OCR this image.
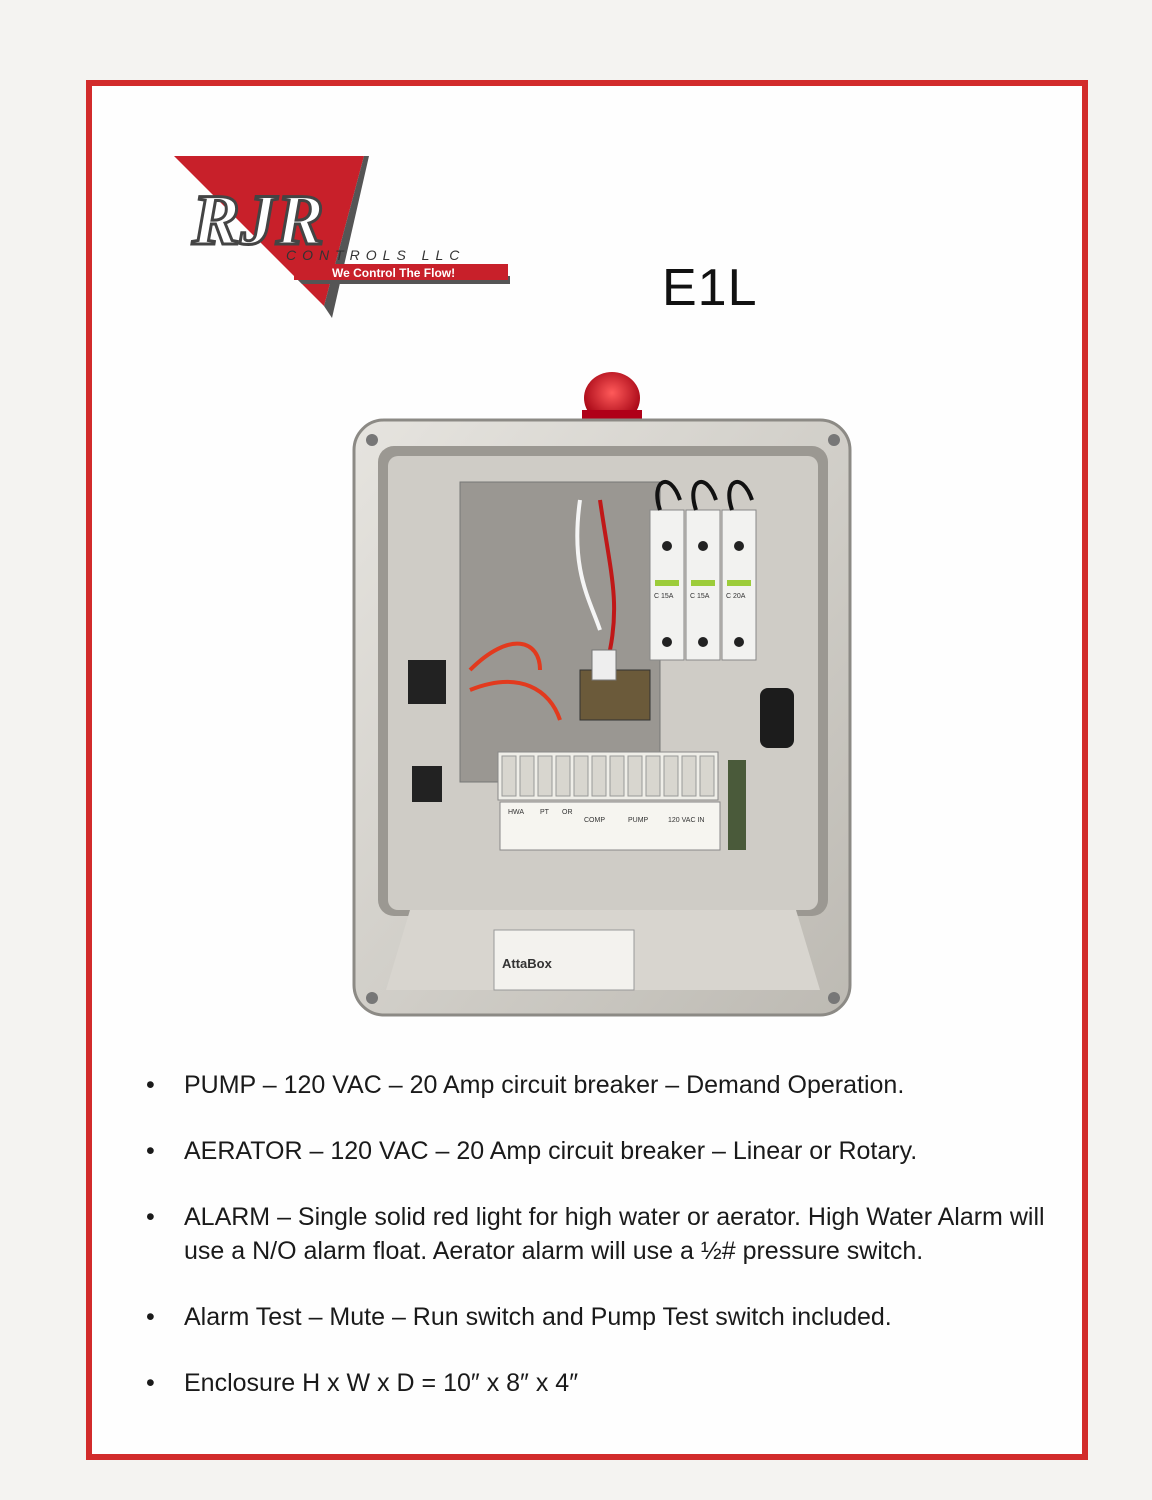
RJR
CONTROLS LLC
We Control The Flow!	E1L
C 15A C 15A C 20A
HWA PT OR
COMP	PUMP	120 VAC IN
AttaBox
• PUMP – 120 VAC – 20 Amp circuit breaker – Demand Operation.
• AERATOR – 120 VAC – 20 Amp circuit breaker – Linear or Rotary.
• ALARM – Single solid red light for high water or aerator. High Water Alarm will use a N/O alarm float. Aerator alarm will use a ½# pressure switch.
• Alarm Test – Mute – Run switch and Pump Test switch included.
• Enclosure H x W x D = 10″ x 8″ x 4″
